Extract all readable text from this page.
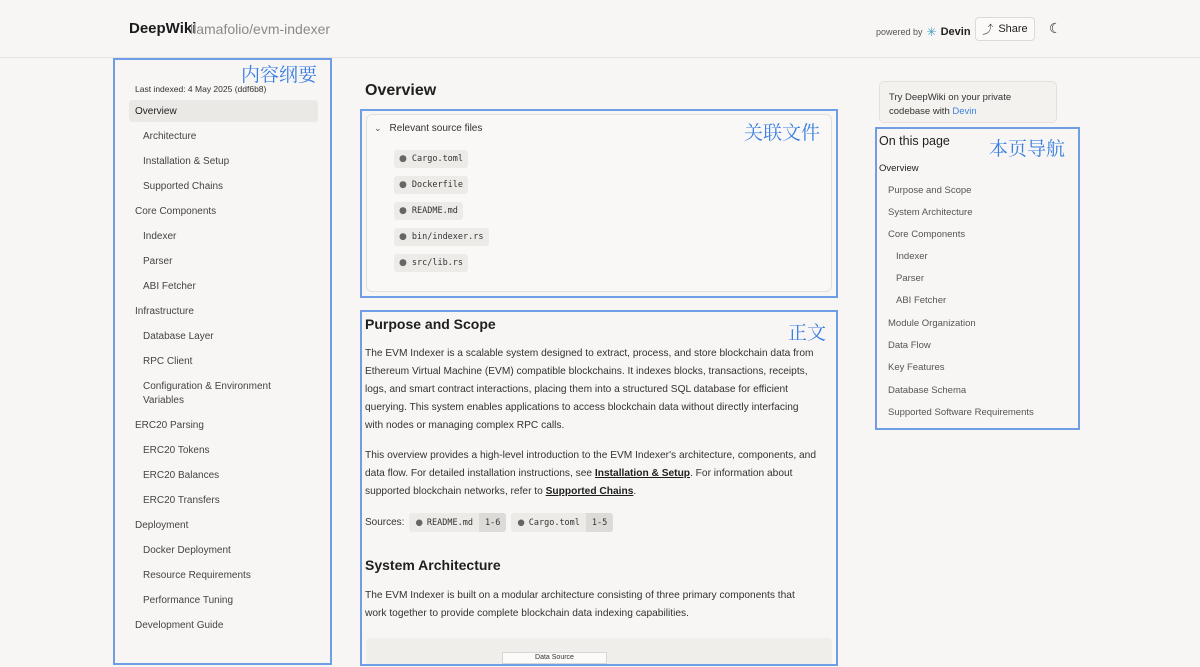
DeepWiki
llamafolio/evm-indexer	powered by ✳ Devin ⤴ Share ☾
Last indexed: 4 May 2025 (ddf6b8)
Overview
Architecture
Installation & Setup
Supported Chains
Core Components
Indexer
Parser
ABI Fetcher
Infrastructure
Database Layer
RPC Client
Configuration & Environment
Variables
ERC20 Parsing
ERC20 Tokens
ERC20 Balances
ERC20 Transfers
Deployment
Docker Deployment
Resource Requirements
Performance Tuning
Development Guide
Overview
⌄ Relevant source files
● Cargo.toml
● Dockerfile
● README.md
● bin/indexer.rs
● src/lib.rs
Purpose and Scope
The EVM Indexer is a scalable system designed to extract, process, and store blockchain data from
Ethereum Virtual Machine (EVM) compatible blockchains. It indexes blocks, transactions, receipts,
logs, and smart contract interactions, placing them into a structured SQL database for efficient
querying. This system enables applications to access blockchain data without directly interfacing
with nodes or managing complex RPC calls.
This overview provides a high-level introduction to the EVM Indexer's architecture, components, and
data flow. For detailed installation instructions, see Installation & Setup. For information about
supported blockchain networks, refer to Supported Chains.
Sources: ● README.md	1-6	● Cargo.toml	1-5
System Architecture
The EVM Indexer is built on a modular architecture consisting of three primary components that
work together to provide complete blockchain data indexing capabilities.
Data Source
Try DeepWiki on your private
codebase with Devin
On this page
Overview
Purpose and Scope
System Architecture
Core Components
Indexer
Parser
ABI Fetcher
Module Organization
Data Flow
Key Features
Database Schema
Supported Software Requirements
内容纲要
关联文件
正文
本页导航
